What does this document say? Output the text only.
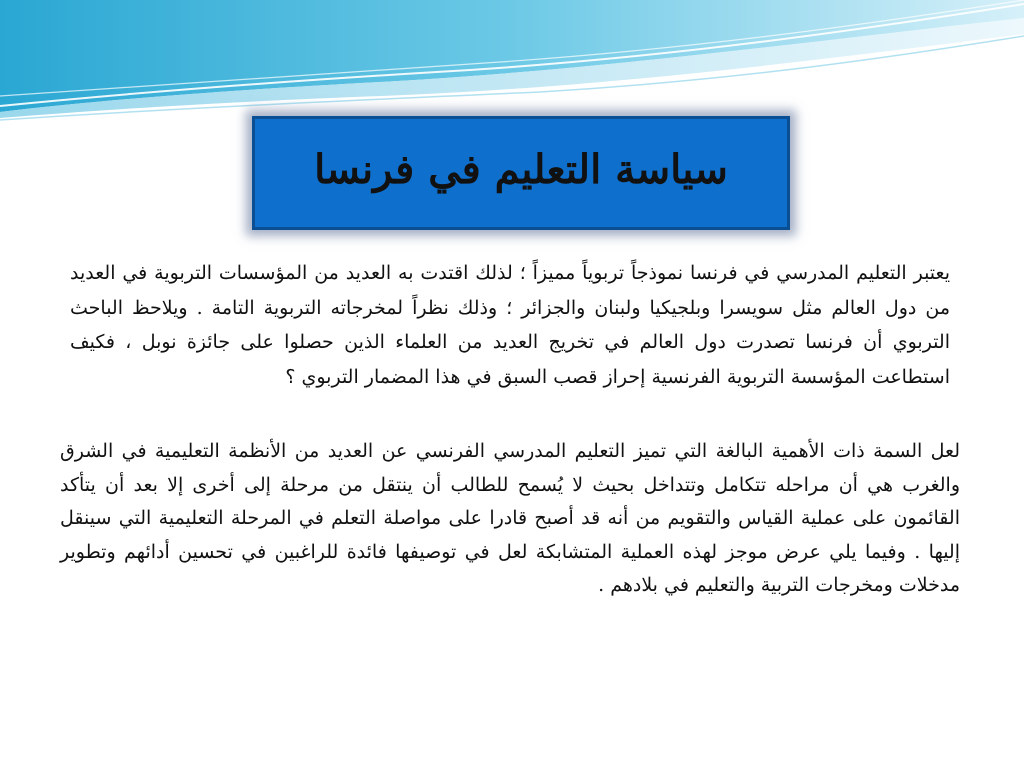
سياسة التعليم في فرنسا
يعتبر التعليم المدرسي في فرنسا نموذجاً تربوياً مميزاً ؛ لذلك اقتدت به العديد من المؤسسات التربوية في العديد من دول العالم مثل سويسرا وبلجيكيا ولبنان والجزائر ؛ وذلك نظراً لمخرجاته التربوية التامة . ويلاحظ الباحث التربوي أن فرنسا تصدرت دول العالم في تخريج العديد من العلماء الذين حصلوا على جائزة نوبل ، فكيف استطاعت المؤسسة التربوية الفرنسية إحراز قصب السبق في هذا المضمار التربوي ؟
لعل السمة ذات الأهمية البالغة التي تميز التعليم المدرسي الفرنسي عن العديد من الأنظمة التعليمية في الشرق والغرب هي أن مراحله تتكامل وتتداخل بحيث لا يُسمح للطالب أن ينتقل من مرحلة إلى أخرى إلا بعد أن يتأكد القائمون على عملية القياس والتقويم من أنه قد أصبح قادرا على مواصلة التعلم في المرحلة التعليمية التي سينقل إليها . وفيما يلي عرض موجز لهذه العملية المتشابكة لعل في توصيفها فائدة للراغبين في تحسين أدائهم وتطوير مدخلات ومخرجات التربية والتعليم في بلادهم .
